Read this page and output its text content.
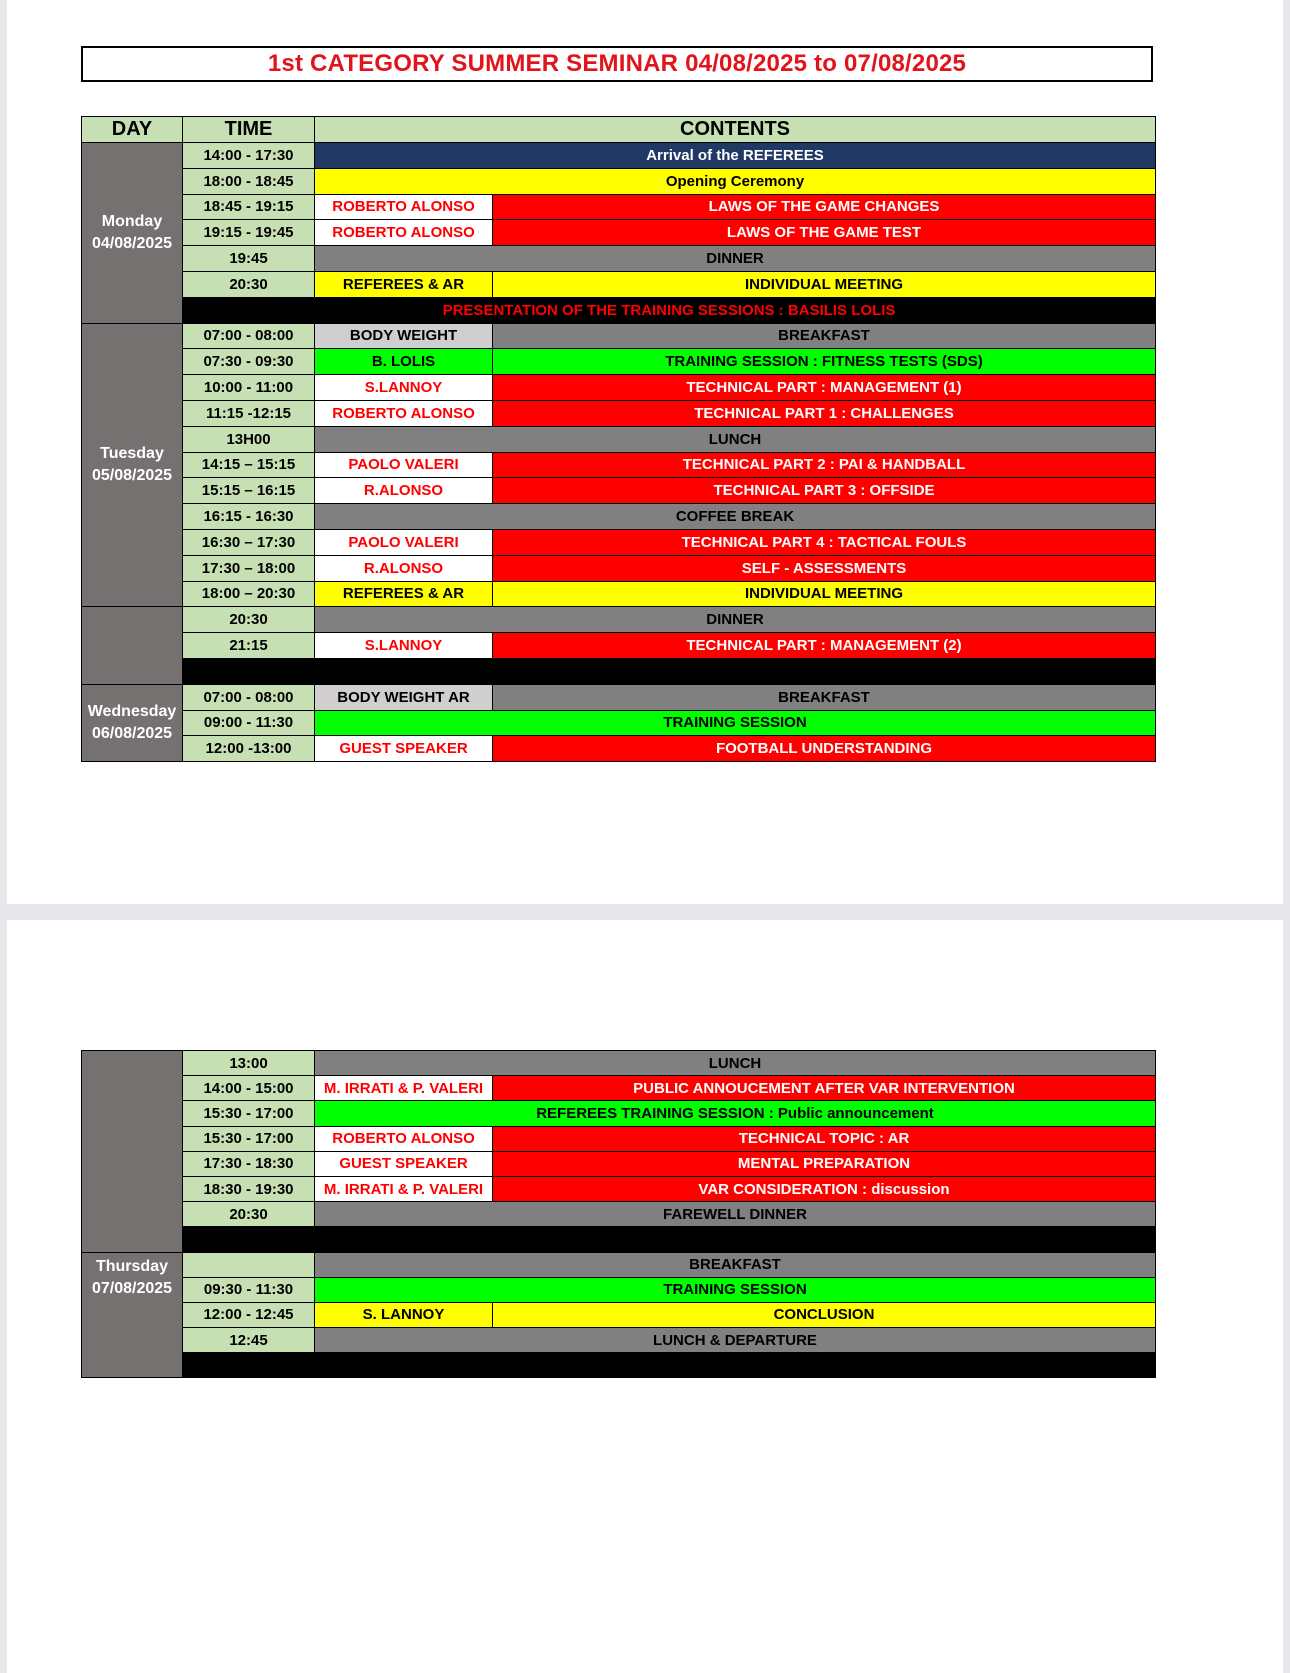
1st CATEGORY SUMMER SEMINAR 04/08/2025 to 07/08/2025
DAY	TIME	CONTENTS	
Monday
04/08/2025	14:00 - 17:30	Arrival of the REFEREES	
	18:00 - 18:45	Opening Ceremony	
	18:45 - 19:15	ROBERTO ALONSO	LAWS OF THE GAME CHANGES
	19:15 - 19:45	ROBERTO ALONSO	LAWS OF THE GAME TEST
	19:45	DINNER	
	20:30	REFEREES & AR	INDIVIDUAL MEETING
	PRESENTATION OF THE TRAINING SESSIONS : BASILIS LOLIS		
Tuesday
05/08/2025	07:00 - 08:00	BODY WEIGHT	BREAKFAST
	07:30 - 09:30	B. LOLIS	TRAINING SESSION : FITNESS TESTS (SDS)
	10:00 - 11:00	S.LANNOY	TECHNICAL PART : MANAGEMENT (1)
	11:15 -12:15	ROBERTO ALONSO	TECHNICAL PART 1 : CHALLENGES
	13H00	LUNCH	
	14:15 – 15:15	PAOLO VALERI	TECHNICAL PART 2 : PAI & HANDBALL
	15:15 – 16:15	R.ALONSO	TECHNICAL PART 3 : OFFSIDE
	16:15 - 16:30	COFFEE BREAK	
	16:30 – 17:30	PAOLO VALERI	TECHNICAL PART 4 : TACTICAL FOULS
	17:30 – 18:00	R.ALONSO	SELF - ASSESSMENTS
	18:00 – 20:30	REFEREES & AR	INDIVIDUAL MEETING
	20:30	DINNER	
	21:15	S.LANNOY	TECHNICAL PART : MANAGEMENT (2)

Wednesday
06/08/2025	07:00 - 08:00	BODY WEIGHT AR	BREAKFAST
	09:00 - 11:30	TRAINING SESSION	
	12:00 -13:00	GUEST SPEAKER	FOOTBALL UNDERSTANDING
	13:00	LUNCH	
	14:00 - 15:00	M. IRRATI & P. VALERI	PUBLIC ANNOUCEMENT AFTER VAR INTERVENTION
	15:30 - 17:00	REFEREES TRAINING SESSION : Public announcement	
	15:30 - 17:00	ROBERTO ALONSO	TECHNICAL TOPIC : AR
	17:30 - 18:30	GUEST SPEAKER	MENTAL PREPARATION
	18:30 - 19:30	M. IRRATI & P. VALERI	VAR CONSIDERATION : discussion
	20:30	FAREWELL DINNER	

Thursday
07/08/2025		BREAKFAST	
	09:30 - 11:30	TRAINING SESSION	
	12:00 - 12:45	S. LANNOY	CONCLUSION
	12:45	LUNCH & DEPARTURE	
